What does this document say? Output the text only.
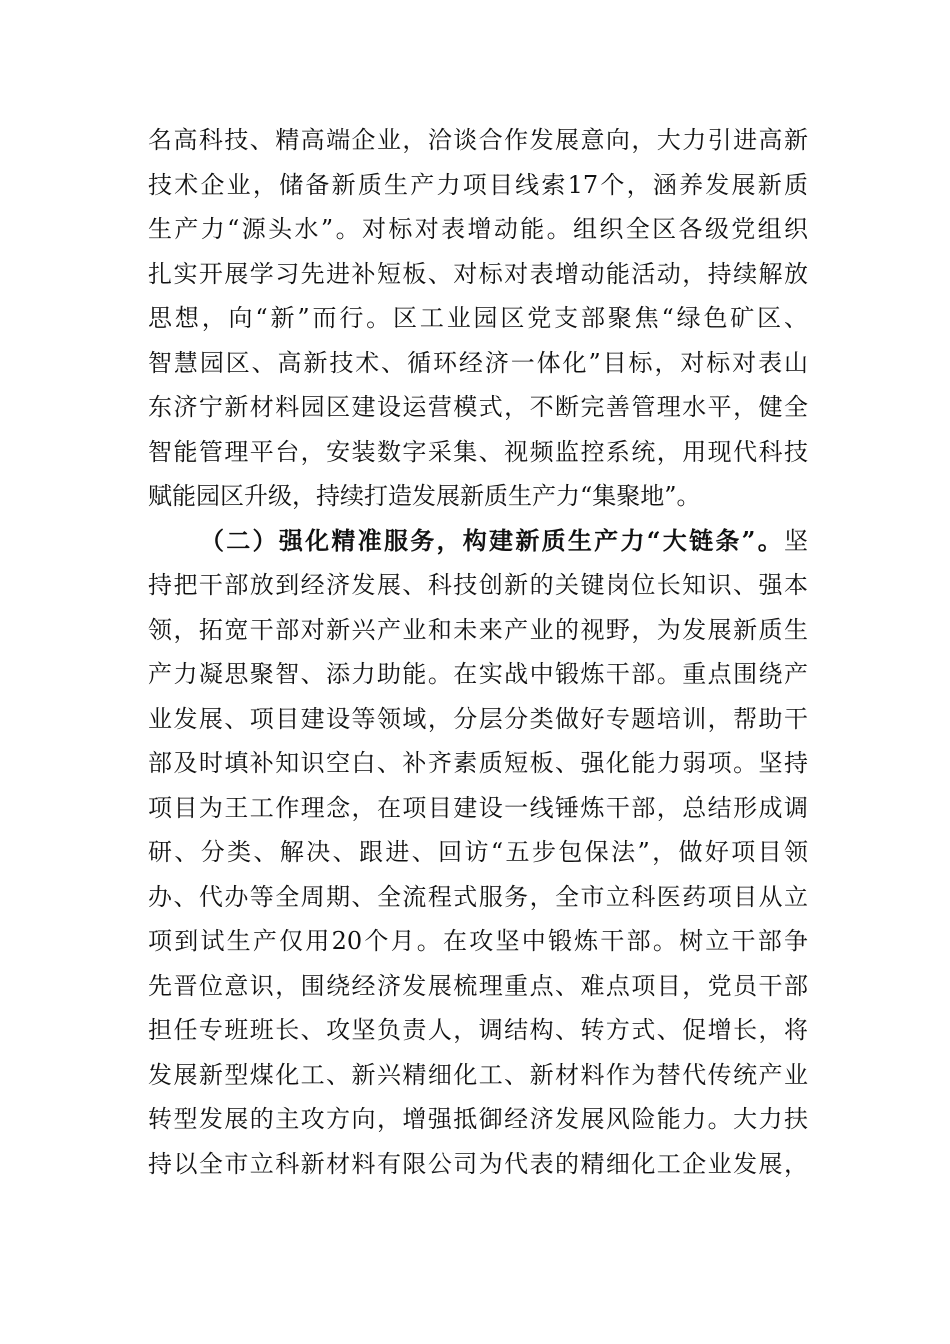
名高科技、精高端企业，洽谈合作发展意向，大力引进高新
技术企业，储备新质生产力项目线索17个，涵养发展新质
生产力“源头水”。对标对表增动能。组织全区各级党组织
扎实开展学习先进补短板、对标对表增动能活动，持续解放
思想，向“新”而行。区工业园区党支部聚焦“绿色矿区、
智慧园区、高新技术、循环经济一体化”目标，对标对表山
东济宁新材料园区建设运营模式，不断完善管理水平，健全
智能管理平台，安装数字采集、视频监控系统，用现代科技
赋能园区升级，持续打造发展新质生产力“集聚地”。
（二）强化精准服务，构建新质生产力“大链条”。坚
持把干部放到经济发展、科技创新的关键岗位长知识、强本
领，拓宽干部对新兴产业和未来产业的视野，为发展新质生
产力凝思聚智、添力助能。在实战中锻炼干部。重点围绕产
业发展、项目建设等领域，分层分类做好专题培训，帮助干
部及时填补知识空白、补齐素质短板、强化能力弱项。坚持
项目为王工作理念，在项目建设一线锤炼干部，总结形成调
研、分类、解决、跟进、回访“五步包保法”，做好项目领
办、代办等全周期、全流程式服务，全市立科医药项目从立
项到试生产仅用20个月。在攻坚中锻炼干部。树立干部争
先晋位意识，围绕经济发展梳理重点、难点项目，党员干部
担任专班班长、攻坚负责人，调结构、转方式、促增长，将
发展新型煤化工、新兴精细化工、新材料作为替代传统产业
转型发展的主攻方向，增强抵御经济发展风险能力。大力扶
持以全市立科新材料有限公司为代表的精细化工企业发展，
